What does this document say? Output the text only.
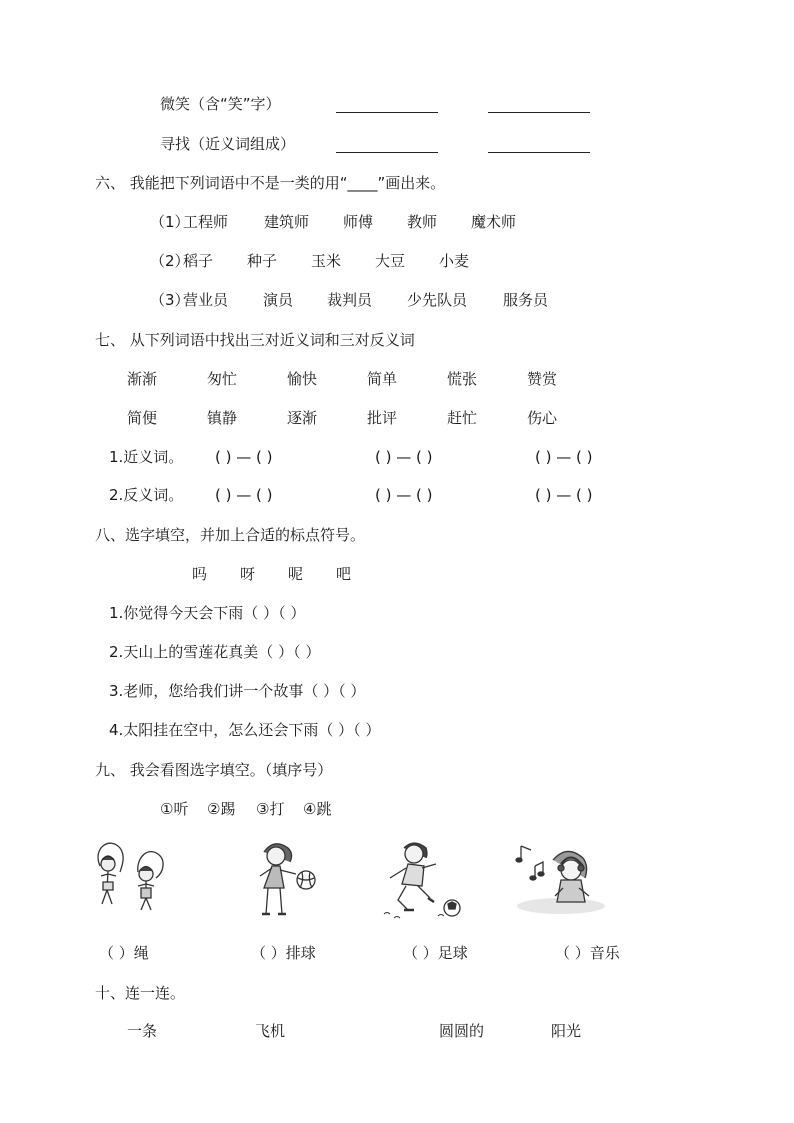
微笑（含“笑”字）
寻找（近义词组成）
六、 我能把下列词语中不是一类的用“____”画出来。
（1）
工程师 建筑师 师傅 教师 魔术师
（2）
稻子 种子 玉米 大豆 小麦
（3）
营业员 演员 裁判员 少先队员 服务员
七、 从下列词语中找出三对近义词和三对反义词
渐渐	匆忙	愉快	简单	慌张	赞赏
简便	镇静	逐渐	批评	赶忙	伤心
1.近义词。 ( ) — ( )	( ) — ( )	( ) — ( )
2.反义词。 ( ) — ( )	( ) — ( )	( ) — ( )
八、选字填空，并加上合适的标点符号。
吗 呀 呢 吧
1.你觉得今天会下雨（ ）（ ）
2.天山上的雪莲花真美（ ）（ ）
3.老师，您给我们讲一个故事（ ）（ ）
4.太阳挂在空中，怎么还会下雨（ ）（ ）
九、 我会看图选字填空。（填序号）
①听 ②踢 ③打 ④跳
（ ）绳	（ ）排球	（ ）足球	（ ）音乐
十、连一连。
一条	飞机	圆圆的	阳光
